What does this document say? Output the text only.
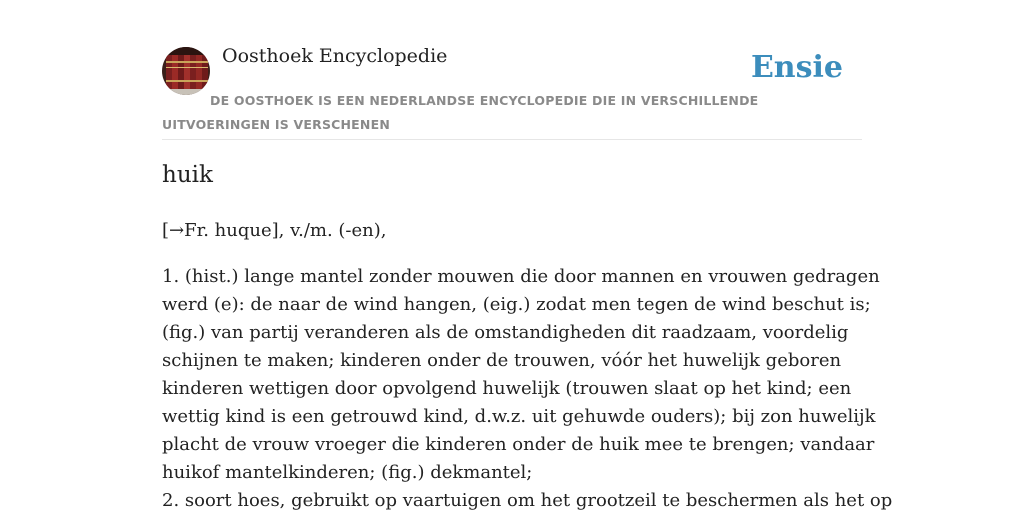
Oosthoek Encyclopedie	Ensie
DE OOSTHOEK IS EEN NEDERLANDSE ENCYCLOPEDIE DIE IN VERSCHILLENDE UITVOERINGEN IS VERSCHENEN
huik

[→Fr. huque], v./m. (-en),

1. (hist.) lange mantel zonder mouwen die door mannen en vrouwen gedragen
werd (e): de naar de wind hangen, (eig.) zodat men tegen de wind beschut is;
(fig.) van partij veranderen als de omstandigheden dit raadzaam, voordelig
schijnen te maken; kinderen onder de trouwen, vóór het huwelijk geboren
kinderen wettigen door opvolgend huwelijk (trouwen slaat op het kind; een
wettig kind is een getrouwd kind, d.w.z. uit gehuwde ouders); bij zon huwelijk
placht de vrouw vroeger die kinderen onder de huik mee te brengen; vandaar
huikof mantelkinderen; (fig.) dekmantel;
2. soort hoes, gebruikt op vaartuigen om het grootzeil te beschermen als het op
